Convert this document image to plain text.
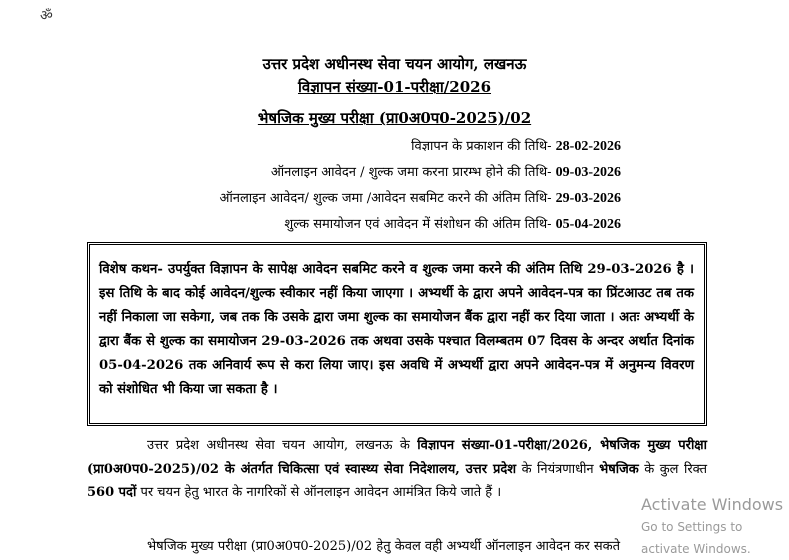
ॐ
उत्तर प्रदेश अधीनस्थ सेवा चयन आयोग, लखनऊ
विज्ञापन संख्या-01-परीक्षा/2026
भेषजिक मुख्य परीक्षा (प्रा0अ0प0-2025)/02
विज्ञापन के प्रकाशन की तिथि- 28-02-2026
ऑनलाइन आवेदन / शुल्क जमा करना प्रारम्भ होने की तिथि- 09-03-2026
ऑनलाइन आवेदन/ शुल्क जमा /आवेदन सबमिट करने की अंतिम तिथि- 29-03-2026
शुल्क समायोजन एवं आवेदन में संशोधन की अंतिम तिथि- 05-04-2026
विशेष कथन- उपर्युक्त विज्ञापन के सापेक्ष आवेदन सबमिट करने व शुल्क जमा करने की अंतिम तिथि 29-03-2026 है । इस तिथि के बाद कोई आवेदन/शुल्क स्वीकार नहीं किया जाएगा । अभ्यर्थी के द्वारा अपने आवेदन-पत्र का प्रिंटआउट तब तक नहीं निकाला जा सकेगा, जब तक कि उसके द्वारा जमा शुल्क का समायोजन बैंक द्वारा नहीं कर दिया जाता । अतः अभ्यर्थी के द्वारा बैंक से शुल्क का समायोजन 29-03-2026 तक अथवा उसके पश्चात विलम्बतम 07 दिवस के अन्दर अर्थात दिनांक 05-04-2026 तक अनिवार्य रूप से करा लिया जाए। इस अवधि में अभ्यर्थी द्वारा अपने आवेदन-पत्र में अनुमन्य विवरण को संशोधित भी किया जा सकता है ।
उत्तर प्रदेश अधीनस्थ सेवा चयन आयोग, लखनऊ के विज्ञापन संख्या-01-परीक्षा/2026, भेषजिक मुख्य परीक्षा (प्रा0अ0प0-2025)/02 के अंतर्गत चिकित्सा एवं स्वास्थ्य सेवा निदेशालय, उत्तर प्रदेश के नियंत्रणाधीन भेषजिक के कुल रिक्त 560 पदों पर चयन हेतु भारत के नागरिकों से ऑनलाइन आवेदन आमंत्रित किये जाते हैं ।
भेषजिक मुख्य परीक्षा (प्रा0अ0प0-2025)/02 हेतु केवल वही अभ्यर्थी ऑनलाइन आवेदन कर सकते
Activate Windows
Go to Settings to activate Windows.
